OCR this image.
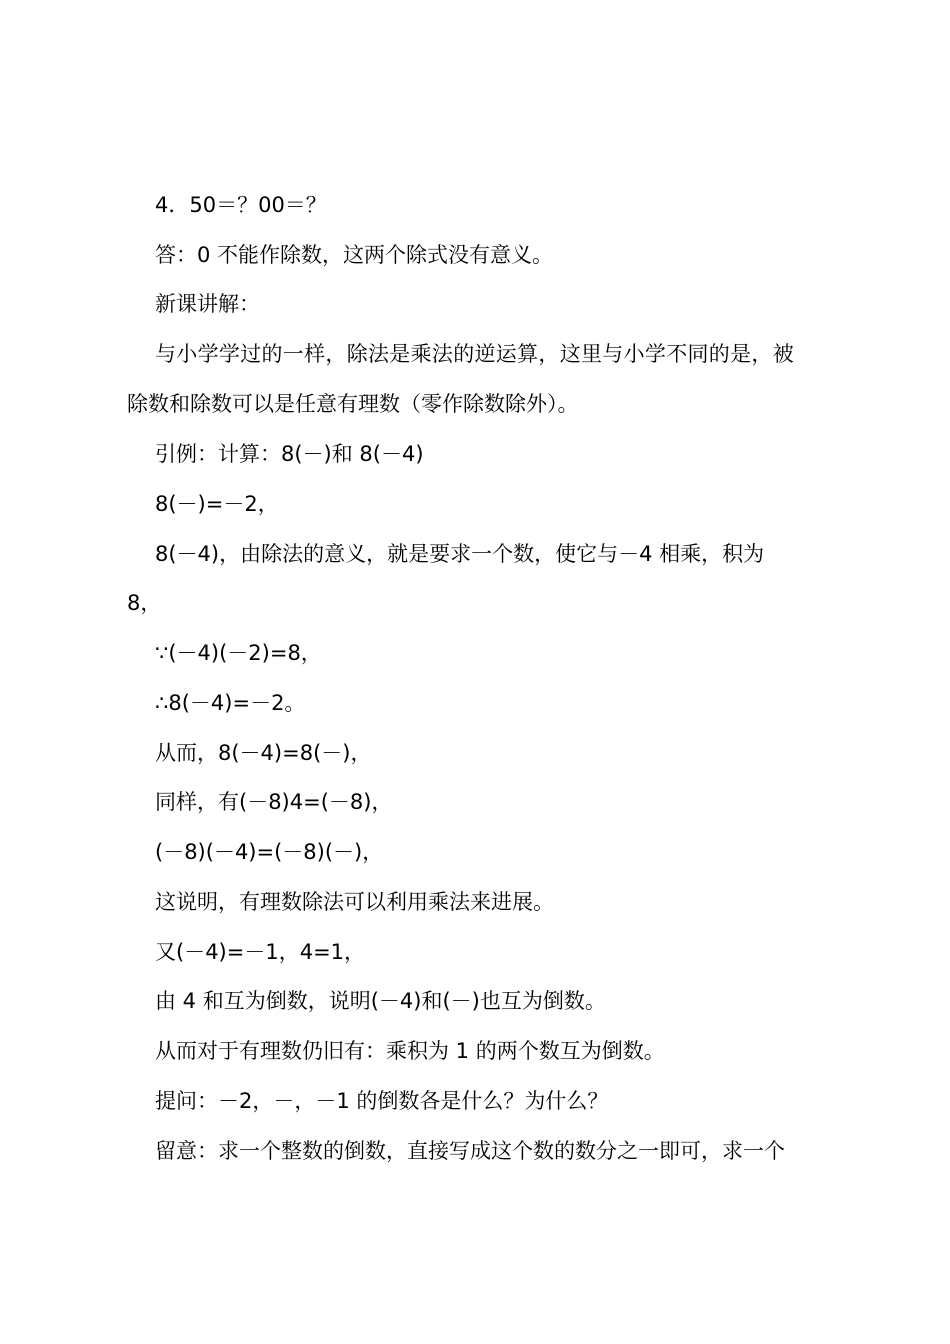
4．50＝？00＝？
答：0 不能作除数，这两个除式没有意义。
新课讲解：
与小学学过的一样，除法是乘法的逆运算，这里与小学不同的是，被
除数和除数可以是任意有理数（零作除数除外）。
引例：计算：8(－)和 8(－4)
8(－)=－2，
8(－4)，由除法的意义，就是要求一个数，使它与－4 相乘，积为
8，
∵(－4)(－2)=8，
∴8(－4)=－2。
从而，8(－4)=8(－)，
同样，有(－8)4=(－8)，
(－8)(－4)=(－8)(－)，
这说明，有理数除法可以利用乘法来进展。
又(－4)=－1，4=1，
由 4 和互为倒数，说明(－4)和(－)也互为倒数。
从而对于有理数仍旧有：乘积为 1 的两个数互为倒数。
提问：－2，－，－1 的倒数各是什么？为什么？
留意：求一个整数的倒数，直接写成这个数的数分之一即可，求一个
